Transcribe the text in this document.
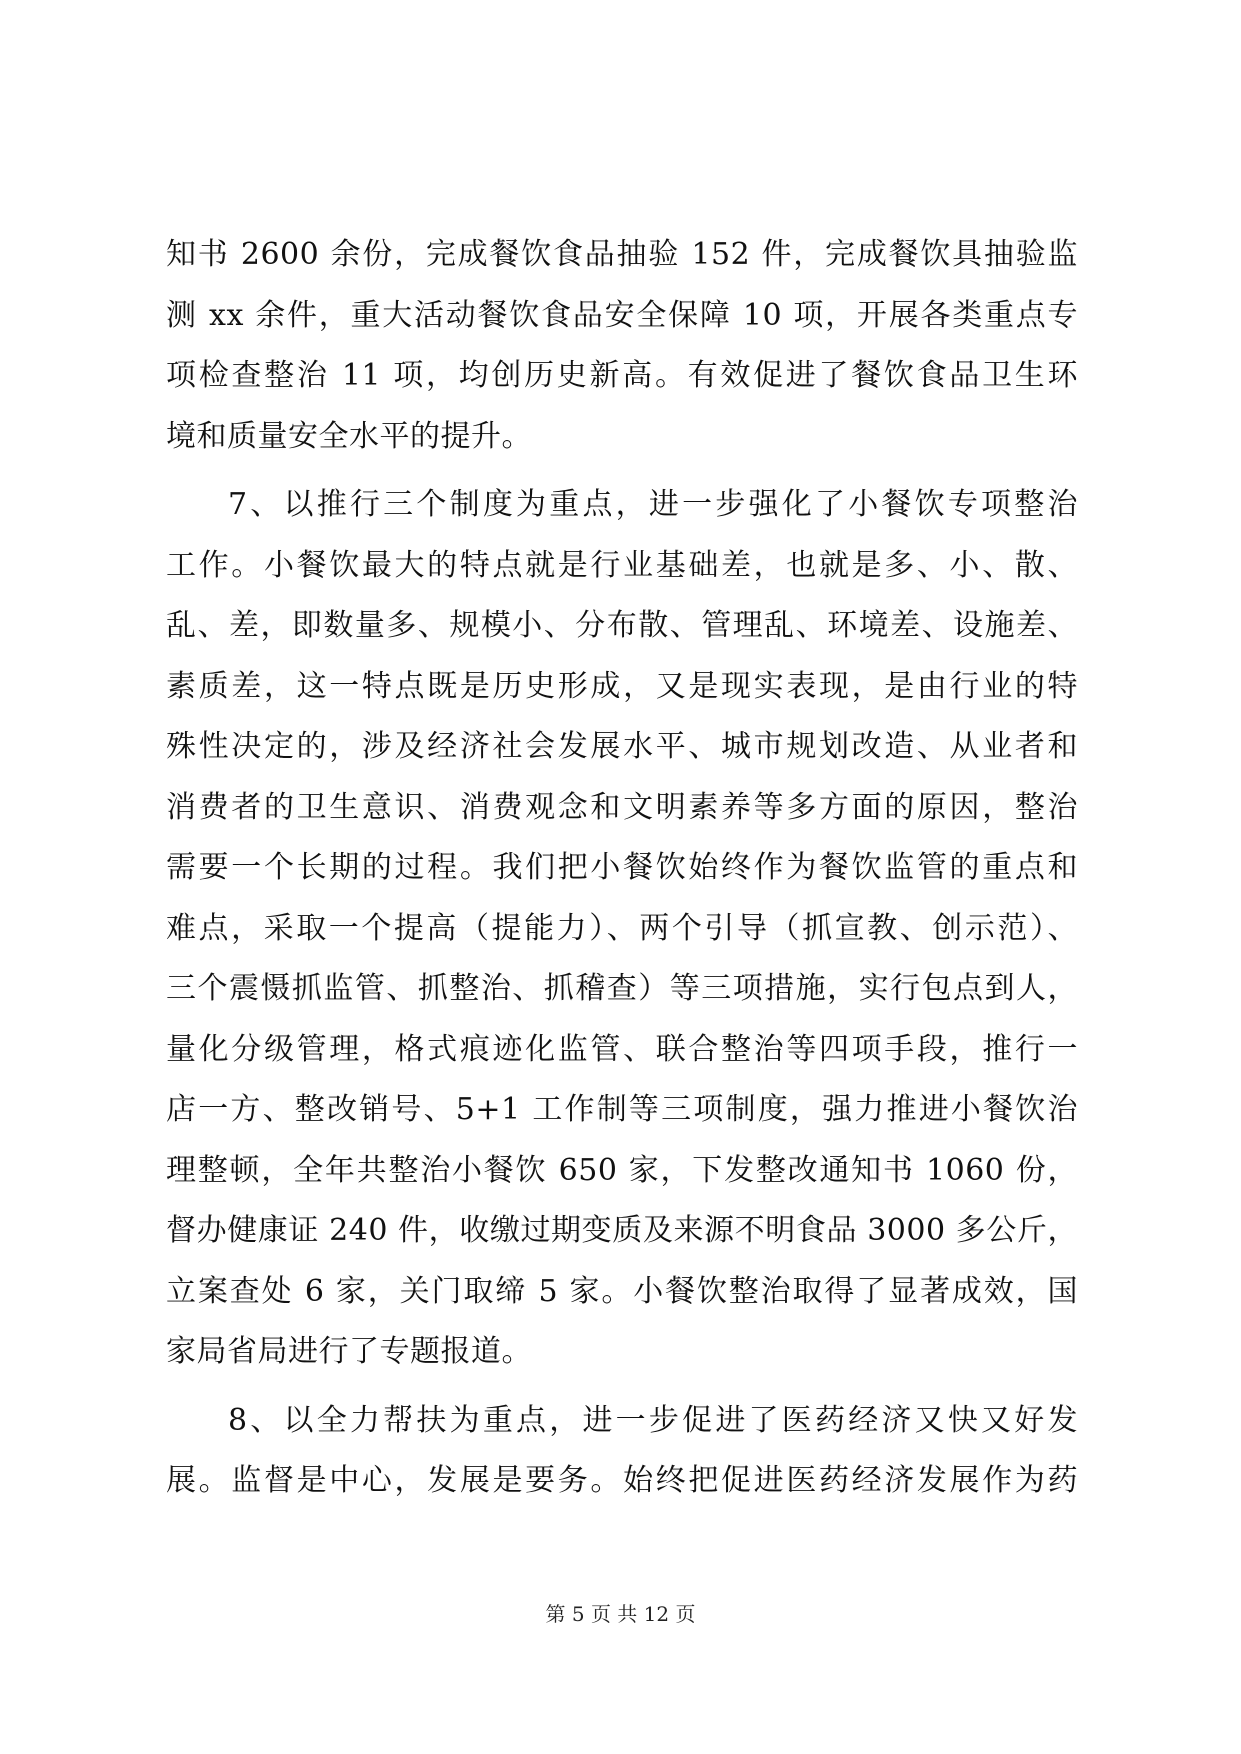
知书 2600 余份，完成餐饮食品抽验 152 件，完成餐饮具抽验监
测 xx 余件，重大活动餐饮食品安全保障 10 项，开展各类重点专
项检查整治 11 项，均创历史新高。有效促进了餐饮食品卫生环
境和质量安全水平的提升。
7、以推行三个制度为重点，进一步强化了小餐饮专项整治
工作。小餐饮最大的特点就是行业基础差，也就是多、小、散、
乱、差，即数量多、规模小、分布散、管理乱、环境差、设施差、
素质差，这一特点既是历史形成，又是现实表现，是由行业的特
殊性决定的，涉及经济社会发展水平、城市规划改造、从业者和
消费者的卫生意识、消费观念和文明素养等多方面的原因，整治
需要一个长期的过程。我们把小餐饮始终作为餐饮监管的重点和
难点，采取一个提高（提能力）、两个引导（抓宣教、创示范）、
三个震慑抓监管、抓整治、抓稽查）等三项措施，实行包点到人，
量化分级管理，格式痕迹化监管、联合整治等四项手段，推行一
店一方、整改销号、5+1 工作制等三项制度，强力推进小餐饮治
理整顿，全年共整治小餐饮 650 家，下发整改通知书 1060 份，
督办健康证 240 件，收缴过期变质及来源不明食品 3000 多公斤，
立案查处 6 家，关门取缔 5 家。小餐饮整治取得了显著成效，国
家局省局进行了专题报道。
8、以全力帮扶为重点，进一步促进了医药经济又快又好发
展。监督是中心，发展是要务。始终把促进医药经济发展作为药
第 5 页 共 12 页
